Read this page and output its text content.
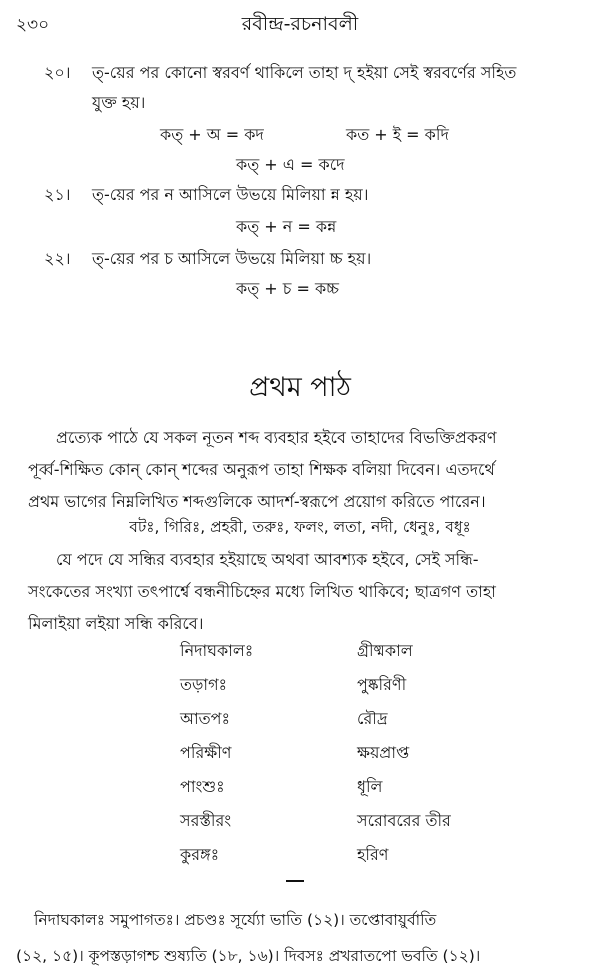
২৩০	রবীন্দ্র-রচনাবলী
২০। ত্-য়ের পর কোনো স্বরবর্ণ থাকিলে তাহা দ্ হইয়া সেই স্বরবর্ণের সহিত
যুক্ত হয়।
কত্ + অ = কদ	কত + ই = কদি
কত্ + এ = কদে
২১। ত্-য়ের পর ন আসিলে উভয়ে মিলিয়া ন্ন হয়।
কত্ + ন = কন্ন
২২। ত্-য়ের পর চ আসিলে উভয়ে মিলিয়া চ্চ হয়।
কত্ + চ = কচ্চ
প্রথম পাঠ

প্রত্যেক পাঠে যে সকল নূতন শব্দ ব্যবহার হইবে তাহাদের বিভক্তিপ্রকরণ

পূর্ব্ব-শিক্ষিত কোন্ কোন্ শব্দের অনুরূপ তাহা শিক্ষক বলিয়া দিবেন। এতদর্থে

প্রথম ভাগের নিম্নলিখিত শব্দগুলিকে আদর্শ-স্বরূপে প্রয়োগ করিতে পারেন।

বটঃ, গিরিঃ, প্রহরী, তরুঃ, ফলং, লতা, নদী, ধেনুঃ, বধূঃ

যে পদে যে সন্ধির ব্যবহার হইয়াছে অথবা আবশ্যক হইবে, সেই সন্ধি-

সংকেতের সংখ্যা তৎপার্শ্বে বন্ধনীচিহ্নের মধ্যে লিখিত থাকিবে; ছাত্রগণ তাহা

মিলাইয়া লইয়া সন্ধি করিবে।

নিদাঘকালঃ	গ্রীষ্মকাল
তড়াগঃ	পুষ্করিণী
আতপঃ	রৌদ্র
পরিক্ষীণ	ক্ষয়প্রাপ্ত
পাংশুঃ	ধূলি
সরস্তীরং	সরোবরের তীর
কুরঙ্গঃ	হরিণ
নিদাঘকালঃ সমুপাগতঃ। প্রচণ্ডঃ সূর্য্যো ভাতি (১২)। তপ্তোবায়ুর্বাতি
(১২, ১৫)। কূপস্তড়াগশ্চ শুষ্যতি (১৮, ১৬)। দিবসঃ প্রখরাতপো ভবতি (১২)।
